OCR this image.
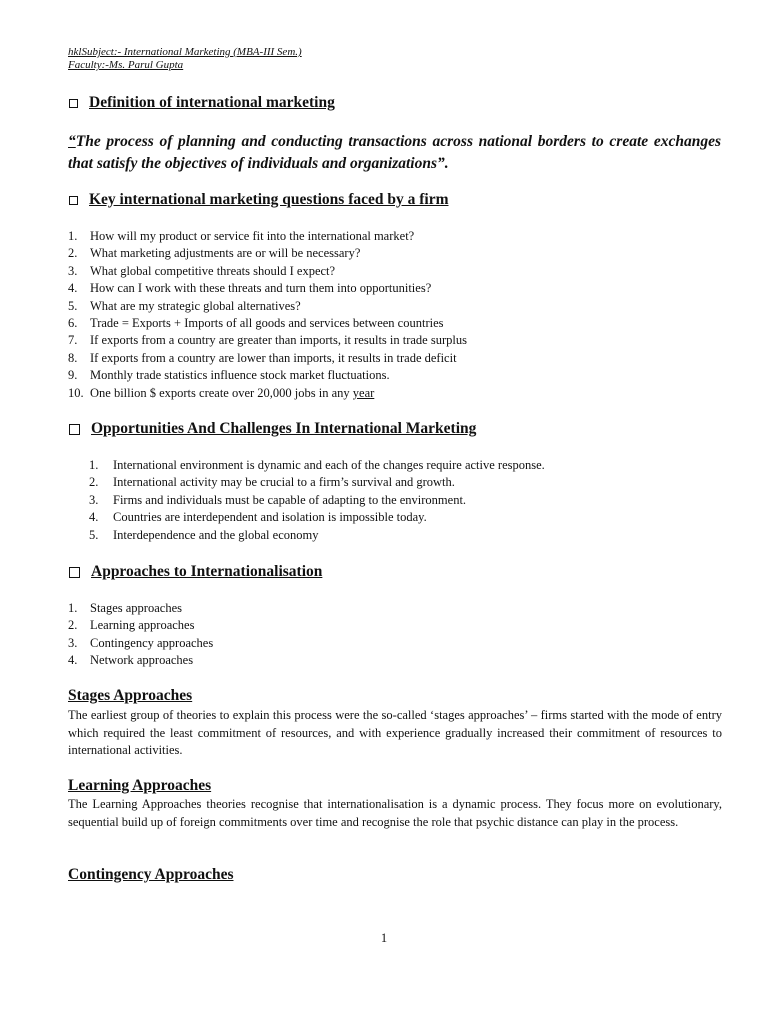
hklSubject:- International Marketing (MBA-III Sem.)
Faculty:-Ms. Parul Gupta
Definition of international marketing
“The process of planning and conducting transactions across national borders to create exchanges that satisfy the objectives of individuals and organizations”.
Key international marketing questions faced by a firm
1.	How will my product or service fit into the international market?
2.	What marketing adjustments are or will be necessary?
3.	What global competitive threats should I expect?
4.	How can I work with these threats and turn them into opportunities?
5.	What are my strategic global alternatives?
6.	Trade = Exports + Imports of all goods and services between countries
7.	If exports from a country are greater than imports, it results in trade surplus
8.	If exports from a country are lower than imports, it results in trade deficit
9.	Monthly trade statistics influence stock market fluctuations.
10. One billion $ exports create over 20,000 jobs in any year
Opportunities And Challenges In International Marketing
1.	International environment is dynamic and each of the changes require active response.
2.	International activity may be crucial to a firm’s survival and growth.
3.	Firms and individuals must be capable of adapting to the environment.
4.	Countries are interdependent and isolation is impossible today.
5.	Interdependence and the global economy
Approaches to Internationalisation
1.	Stages approaches
2.	Learning approaches
3.	Contingency approaches
4.	Network approaches
Stages Approaches
The earliest group of theories to explain this process were the so-called ‘stages approaches’ – firms started with the mode of entry which required the least commitment of resources, and with experience gradually increased their commitment of resources to international activities.
Learning Approaches
The Learning Approaches theories recognise that internationalisation is a dynamic process. They focus more on evolutionary, sequential build up of foreign commitments over time and recognise the role that psychic distance can play in the process.
Contingency Approaches
1
